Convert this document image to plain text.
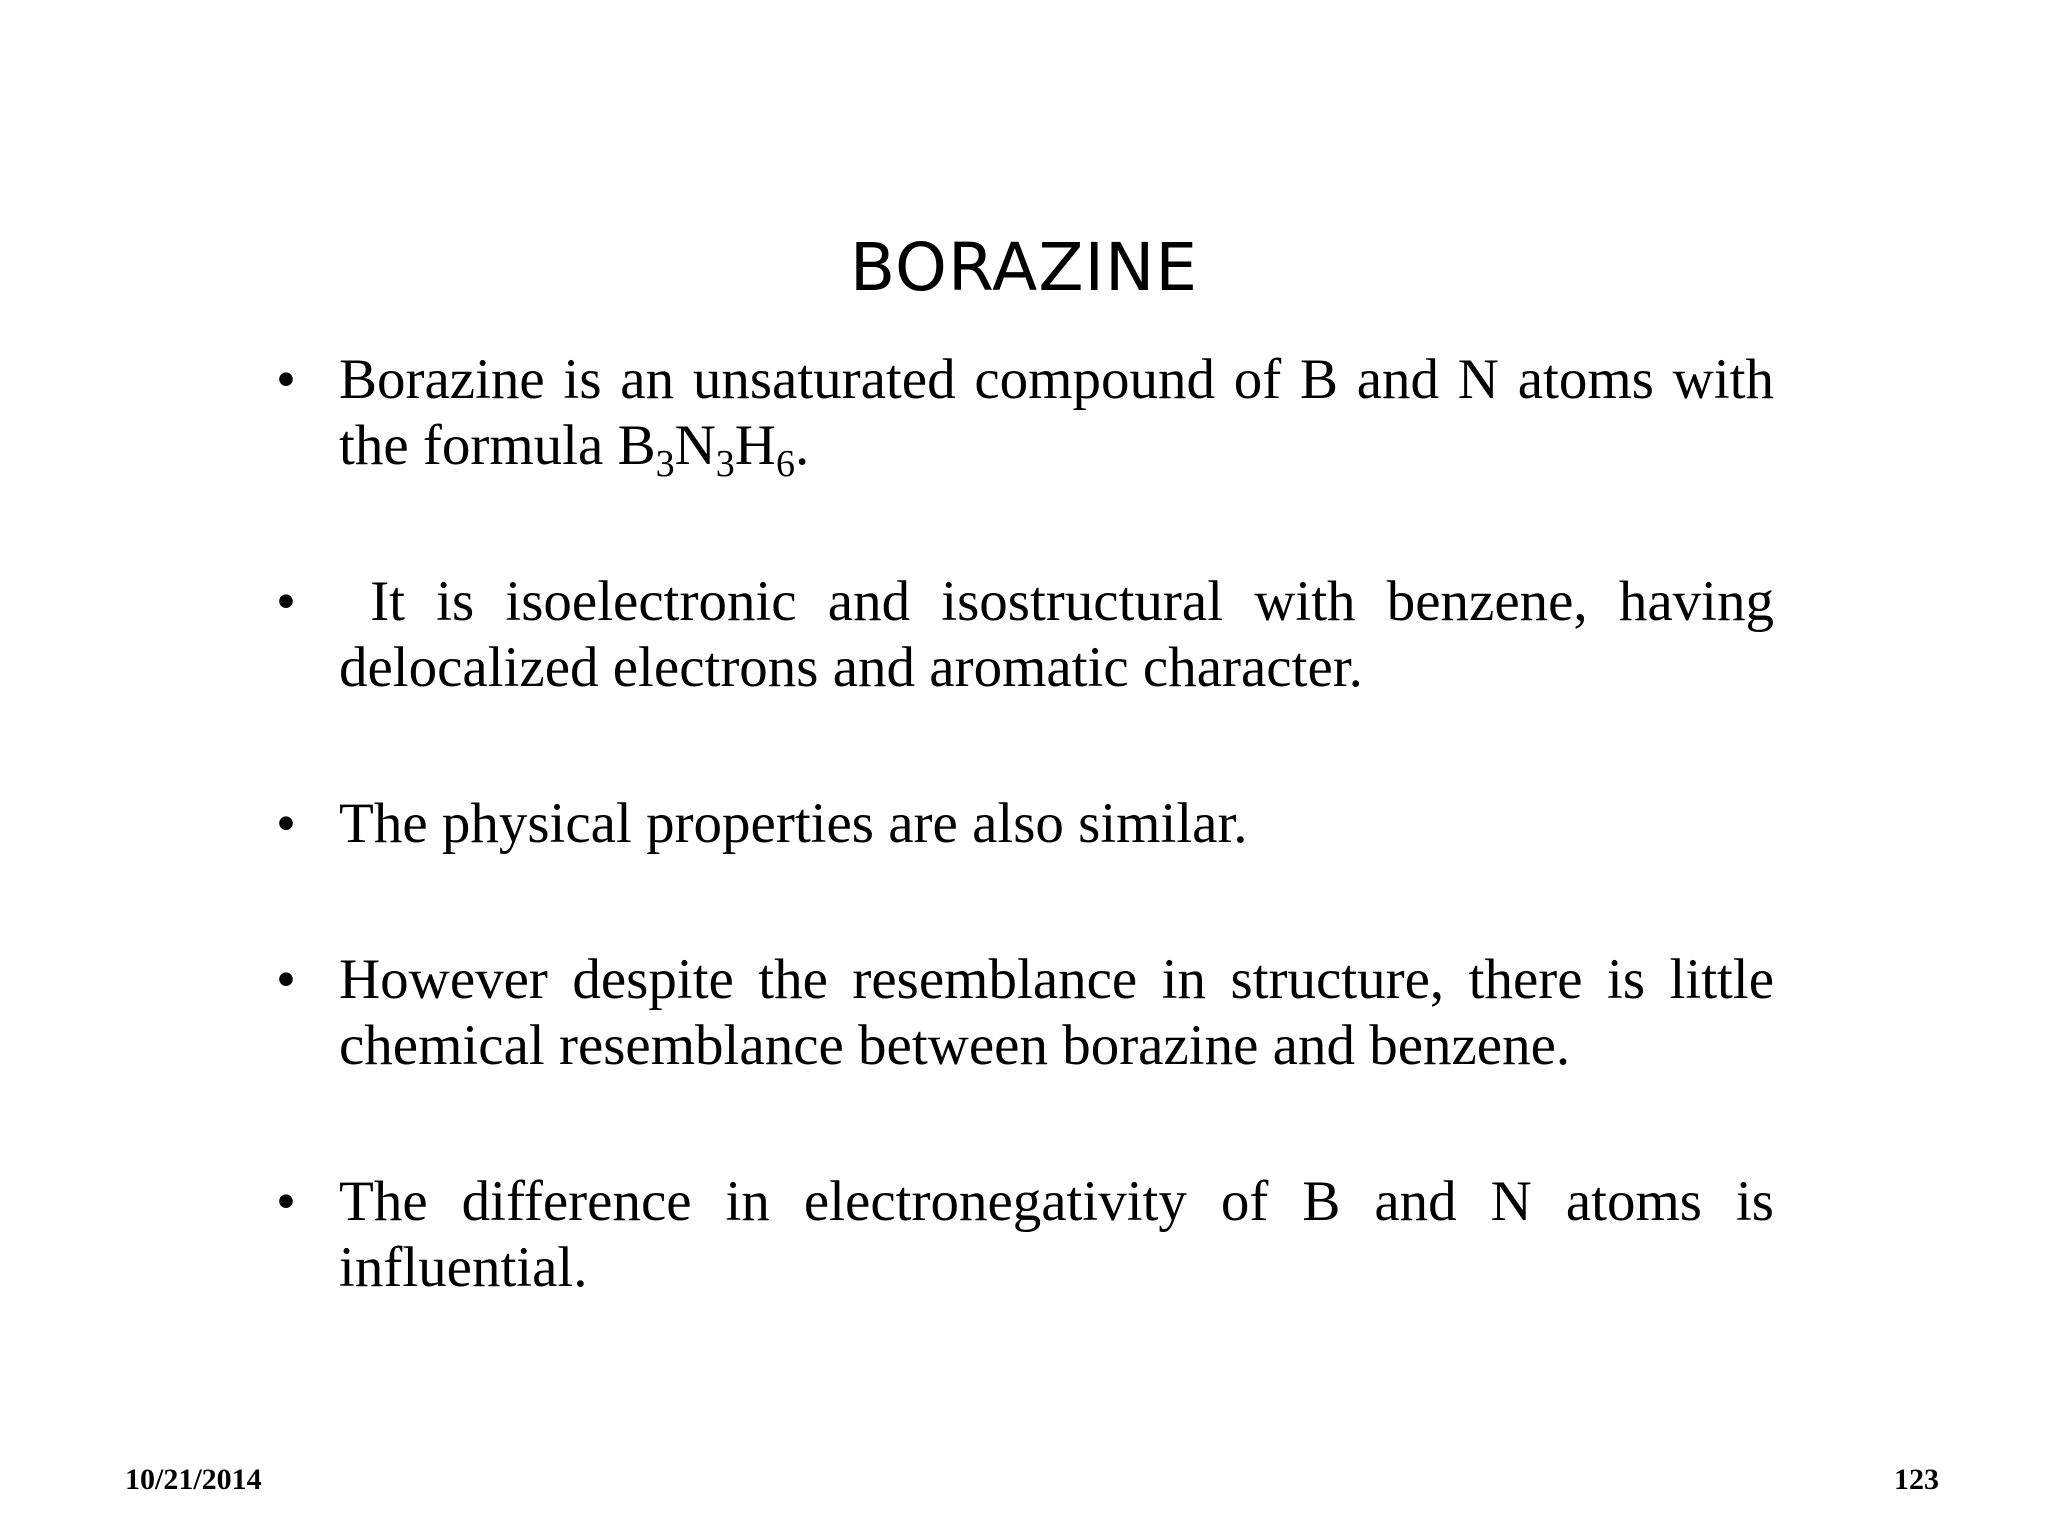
BORAZINE
• Borazine is an unsaturated compound of B and N atoms with the formula $B_3N_3H_6$.
•  It is isoelectronic and isostructural with benzene, having delocalized electrons and aromatic character.
• The physical properties are also similar.
• However despite the resemblance in structure, there is little chemical resemblance between borazine and benzene.
• The difference in electronegativity of B and N atoms is influential.
10/21/2014	123
